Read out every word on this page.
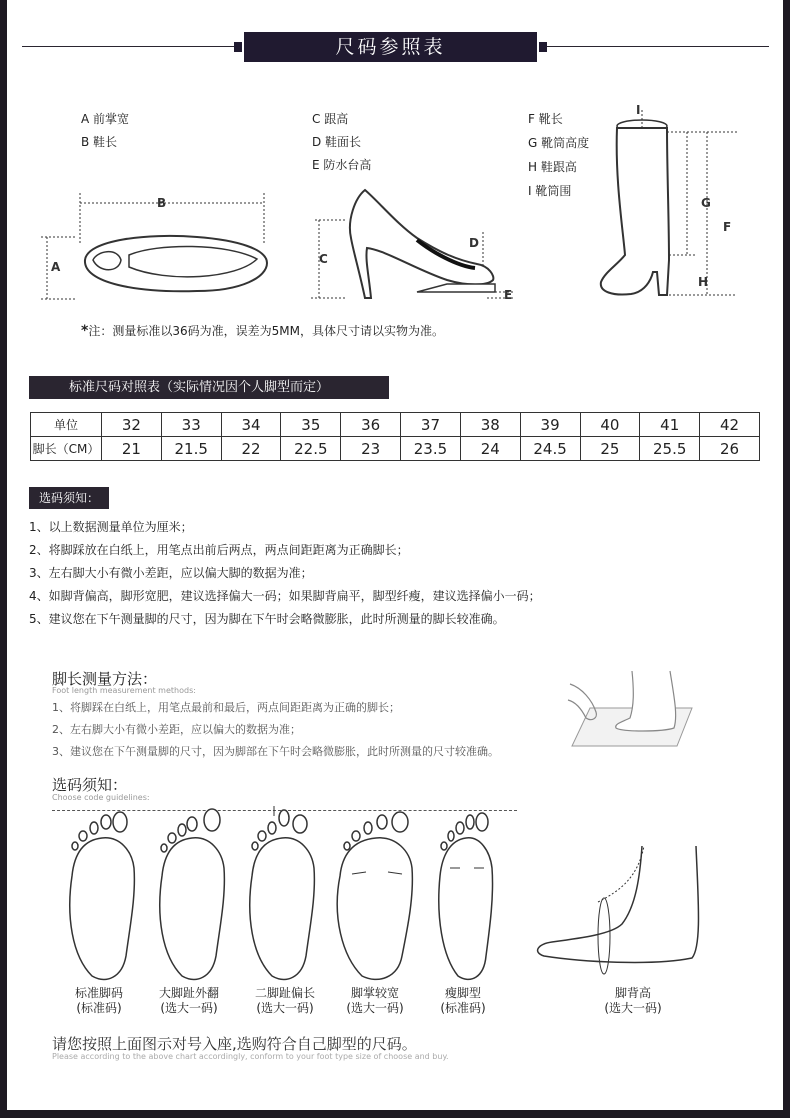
尺码参照表
A 前掌宽
B 鞋长
C 跟高
D 鞋面长
E 防水台高
F 靴长
G 靴筒高度
H 鞋跟高
I 靴筒围
B
A
C
D
E
I
G
F
H
*注：测量标准以36码为准，误差为5MM，具体尺寸请以实物为准。
标准尺码对照表（实际情况因个人脚型而定）
单位	32	33	34	35	36	37	38	39	40	41	42
脚长（CM）	21	21.5	22	22.5	23	23.5	24	24.5	25	25.5	26
选码须知：
1、以上数据测量单位为厘米；
2、将脚踩放在白纸上，用笔点出前后两点，两点间距距离为正确脚长；
3、左右脚大小有微小差距，应以偏大脚的数据为准；
4、如脚背偏高，脚形宽肥，建议选择偏大一码；如果脚背扁平，脚型纤瘦，建议选择偏小一码；
5、建议您在下午测量脚的尺寸，因为脚在下午时会略微膨胀，此时所测量的脚长较准确。
脚长测量方法：
Foot length measurement methods:
1、将脚踩在白纸上，用笔点最前和最后，两点间距距离为正确的脚长；
2、左右脚大小有微小差距，应以偏大的数据为准；
3、建议您在下午测量脚的尺寸，因为脚部在下午时会略微膨胀，此时所测量的尺寸较准确。
选码须知：
Choose code guidelines:
标准脚码
(标准码)
大脚趾外翻
(选大一码)
二脚趾偏长
(选大一码)
脚掌较宽
(选大一码)
瘦脚型
(标准码)
脚背高
(选大一码)
请您按照上面图示对号入座,选购符合自己脚型的尺码。
Please according to the above chart accordingly, conform to your foot type size of choose and buy.
